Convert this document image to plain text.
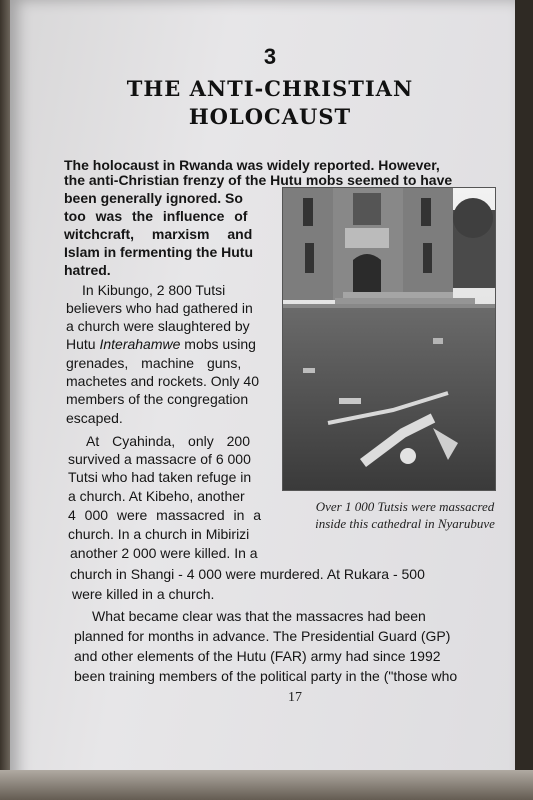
3
THE ANTI-CHRISTIAN
HOLOCAUST
The holocaust in Rwanda was widely reported. However,
the anti-Christian frenzy of the Hutu mobs seemed to have
been generally ignored. So
too was the influence of
witchcraft, marxism and
Islam in fermenting the Hutu
hatred.
In Kibungo, 2 800 Tutsi
believers who had gathered in
a church were slaughtered by
Hutu Interahamwe mobs using
grenades, machine guns,
machetes and rockets. Only 40
members of the congregation
escaped.
At Cyahinda, only 200
survived a massacre of 6 000
Tutsi who had taken refuge in
a church. At Kibeho, another
4 000 were massacred in a
church. In a church in Mibirizi
another 2 000 were killed. In a
church in Shangi - 4 000 were murdered. At Rukara - 500
were killed in a church.
What became clear was that the massacres had been
planned for months in advance. The Presidential Guard (GP)
and other elements of the Hutu (FAR) army had since 1992
been training members of the political party in the ("those who
Over 1 000 Tutsis were massacred
inside this cathedral in Nyarubuve
17
